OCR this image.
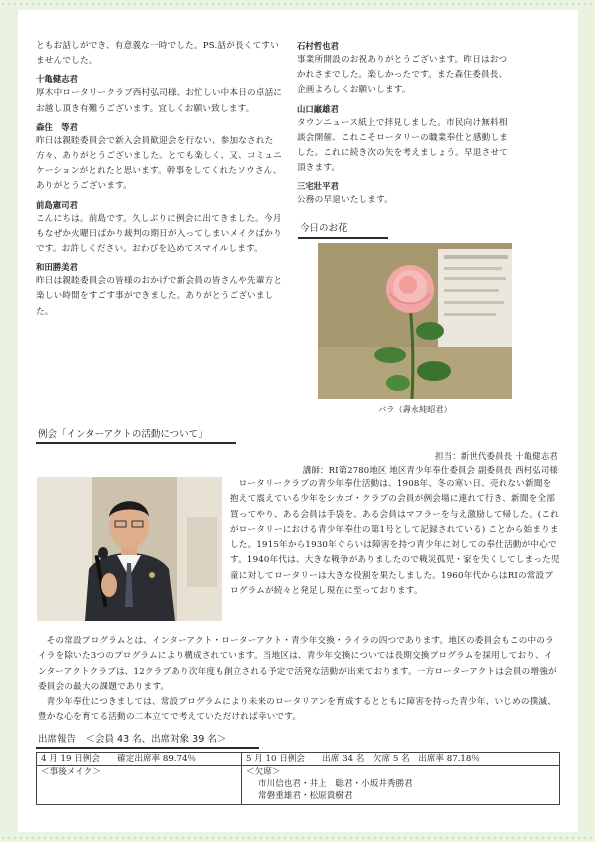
ともお話しができ、有意義な一時でした。PS.話が長くてすいませんでした。
十亀健志君
厚木中ロータリークラブ西村弘司様、お忙しい中本日の卓話にお越し頂き有難うございます。宜しくお願い致します。
森住　等君
昨日は親睦委員会で新入会員歓迎会を行ない、参加なされた方々、ありがとうございました。とても楽しく、又、コミュニケーションがとれたと思います。幹事をしてくれたソウさん、ありがとうございます。
前島憲司君
こんにちは。前島です。久しぶりに例会に出てきました。今月もなぜか火曜日ばかり裁判の期日が入ってしまいメイクばかりです。お許しください。おわびを込めてスマイルします。
和田勝美君
昨日は親睦委員会の皆様のおかげで新会員の皆さんや先輩方と楽しい時間をすごす事ができました。ありがとうございました。
石村哲也君
事業所開設のお祝ありがとうございます。昨日はおつかれさまでした。楽しかったです。また森住委員長、企画よろしくお願いします。
山口巌雄君
タウンニュース紙上で拝見しました。市民向け無料相談会開催、これこそロータリーの職業奉仕と感動しました。これに続き次の矢を考えましょう。早退させて頂きます。
三宅壯平君
公務の早退いたします。
今日のお花
バラ（壽永純昭君）
例会「インターアクトの活動について」
担当：新世代委員長 十亀健志君
講師：RI第2780地区 地区青少年奉仕委員会 副委員長 西村弘司様
ロータリークラブの青少年奉仕活動は、1908年、冬の寒い日、売れない新聞を抱えて震えている少年をシカゴ・クラブの会員が例会場に連れて行き、新聞を全部買ってやり、ある会員は手袋を、ある会員はマフラーを与え激励して帰した。(これがロータリーにおける青少年奉仕の第1号として記録されている) ことから始まりました。1915年から1930年ぐらいは障害を持つ青少年に対しての奉仕活動が中心です。1940年代は、大きな戦争がありましたので戦災孤児・家を失くしてしまった児童に対してロータリーは大きな役割を果たしました。1960年代からはRIの常設プログラムが続々と発足し現在に至っております。
その常設プログラムとは、インターアクト・ローターアクト・青少年交換・ライラの四つであります。地区の委員会もこの中のライラを除いた3つのプログラムにより構成されています。当地区は、青少年交換については長期交換プログラムを採用しており、インターアクトクラブは、12クラブあり次年度も創立される予定で活発な活動が出来ております。一方ローターアクトは会員の増強が委員会の最大の課題であります。
青少年奉仕につきましては、常設プログラムにより未来のロータリアンを育成するとともに障害を持った青少年、いじめの撲滅、豊かな心を育てる活動の二本立てで考えていただければ幸いです。
出席報告　＜会員 43 名、出席対象 39 名＞
4 月 19 日例会　　確定出席率 89.74％	5 月 10 日例会　　出席 34 名　欠席 5 名　出席率 87.18％
＜事後メイク＞	＜欠席＞
市川信也君・井上　聡君・小坂井秀勝君
常磐重雄君・松原貴樹君
